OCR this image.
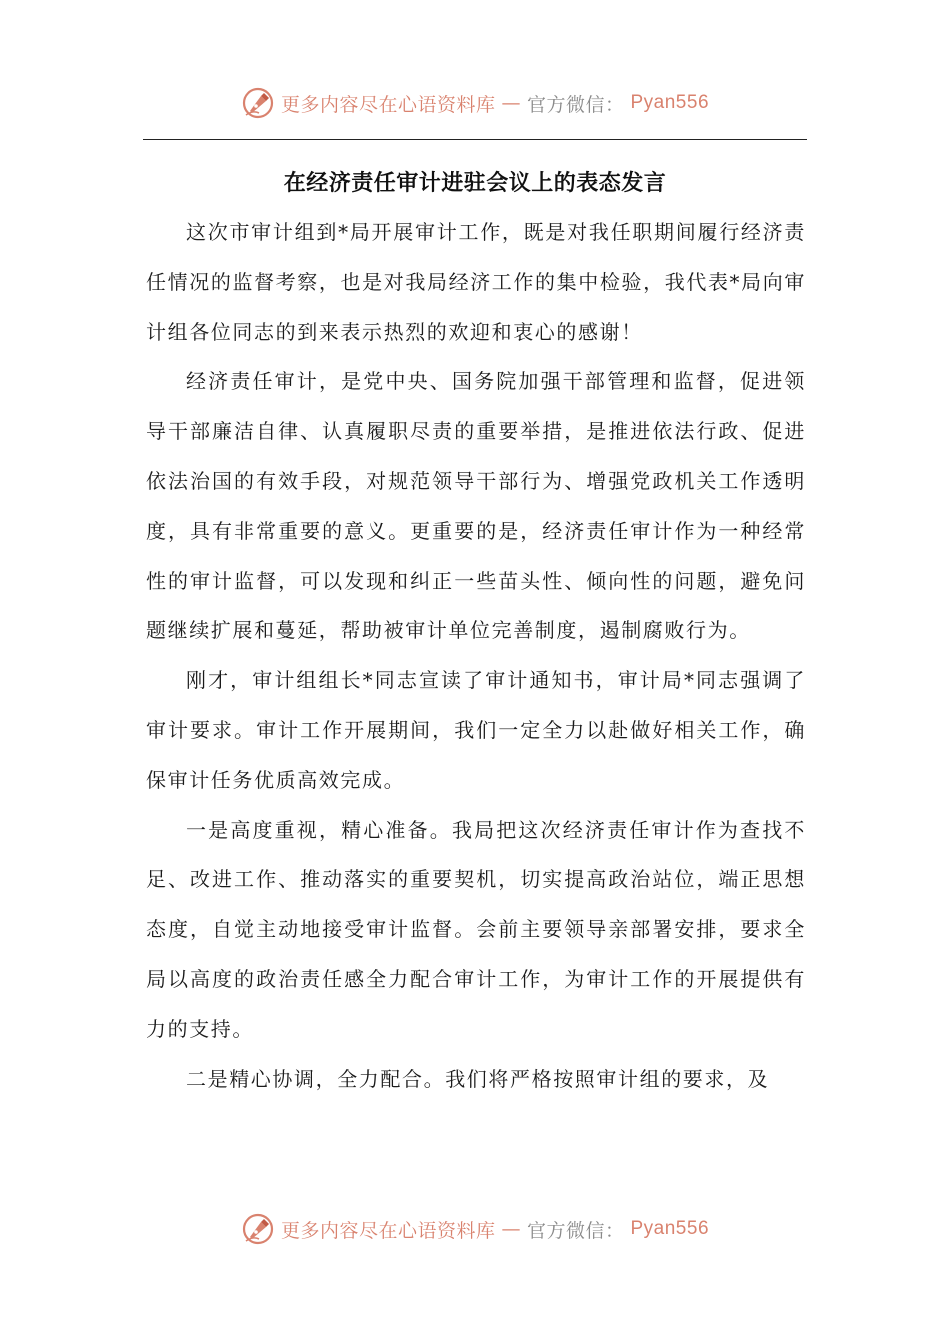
更多内容尽在心语资料库 — 官方微信： Pyan556
在经济责任审计进驻会议上的表态发言

这次市审计组到*局开展审计工作，既是对我任职期间履行经济责任情况的监督考察，也是对我局经济工作的集中检验，我代表*局向审计组各位同志的到来表示热烈的欢迎和衷心的感谢！

经济责任审计，是党中央、国务院加强干部管理和监督，促进领导干部廉洁自律、认真履职尽责的重要举措，是推进依法行政、促进依法治国的有效手段，对规范领导干部行为、增强党政机关工作透明度，具有非常重要的意义。更重要的是，经济责任审计作为一种经常性的审计监督，可以发现和纠正一些苗头性、倾向性的问题，避免问题继续扩展和蔓延，帮助被审计单位完善制度，遏制腐败行为。

刚才，审计组组长*同志宣读了审计通知书，审计局*同志强调了审计要求。审计工作开展期间，我们一定全力以赴做好相关工作，确保审计任务优质高效完成。

一是高度重视，精心准备。我局把这次经济责任审计作为查找不足、改进工作、推动落实的重要契机，切实提高政治站位，端正思想态度，自觉主动地接受审计监督。会前主要领导亲部署安排，要求全局以高度的政治责任感全力配合审计工作，为审计工作的开展提供有力的支持。

二是精心协调，全力配合。我们将严格按照审计组的要求，及

更多内容尽在心语资料库 — 官方微信： Pyan556
